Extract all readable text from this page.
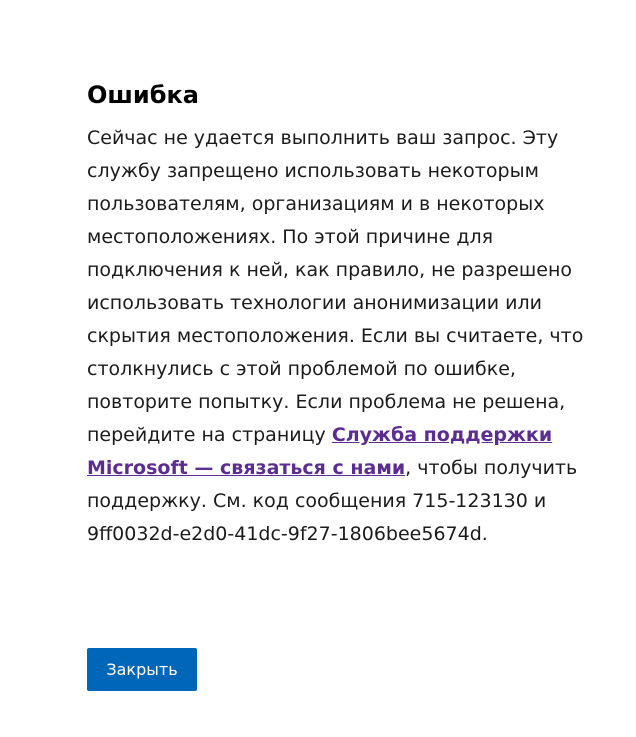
Ошибка

Сейчас не удается выполнить ваш запрос. Эту службу запрещено использовать некоторым пользователям, организациям и в некоторых местоположениях. По этой причине для подключения к ней, как правило, не разрешено использовать технологии анонимизации или скрытия местоположения. Если вы считаете, что столкнулись с этой проблемой по ошибке, повторите попытку. Если проблема не решена, перейдите на страницу Служба поддержки Microsoft — связаться с нами, чтобы получить поддержку. См. код сообщения 715-123130 и 9ff0032d-e2d0-41dc-9f27-1806bee5674d.

Закрыть
